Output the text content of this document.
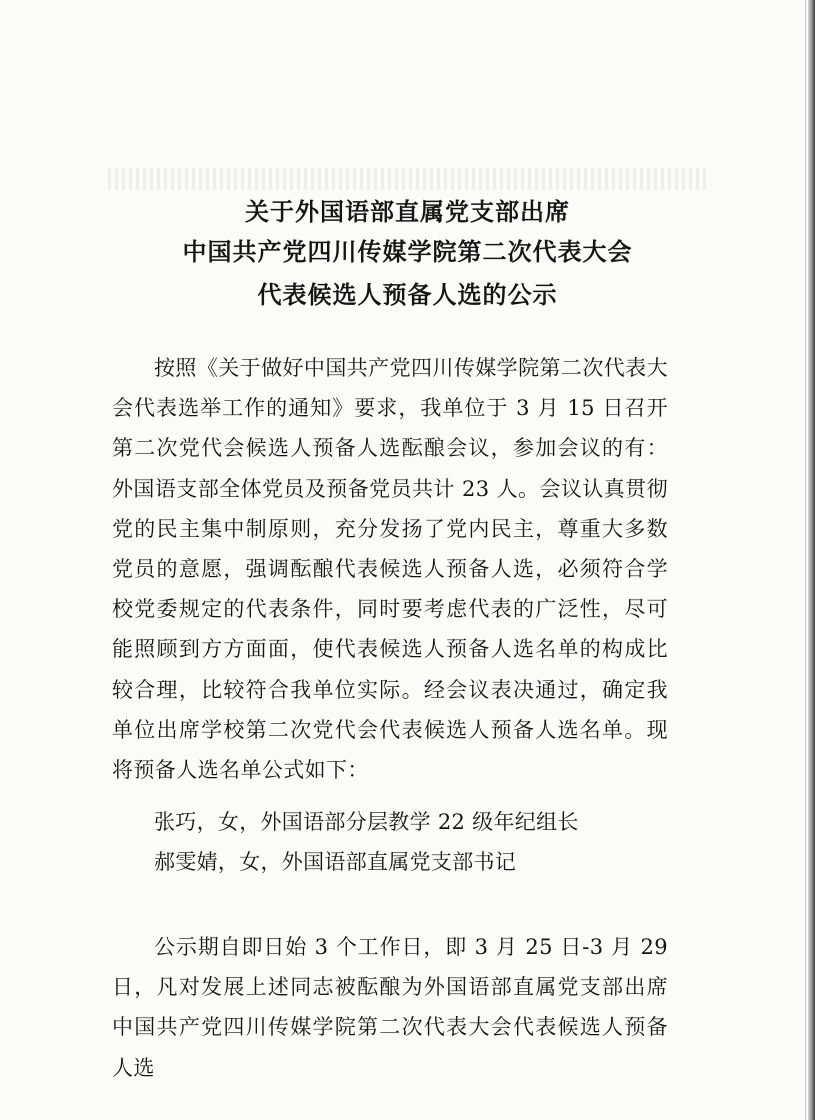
关于外国语部直属党支部出席
中国共产党四川传媒学院第二次代表大会
代表候选人预备人选的公示

按照《关于做好中国共产党四川传媒学院第二次代表大会代表选举工作的通知》要求，我单位于 3 月 15 日召开第二次党代会候选人预备人选酝酿会议，参加会议的有：外国语支部全体党员及预备党员共计 23 人。会议认真贯彻党的民主集中制原则，充分发扬了党内民主，尊重大多数党员的意愿，强调酝酿代表候选人预备人选，必须符合学校党委规定的代表条件，同时要考虑代表的广泛性，尽可能照顾到方方面面，使代表候选人预备人选名单的构成比较合理，比较符合我单位实际。经会议表决通过，确定我单位出席学校第二次党代会代表候选人预备人选名单。现将预备人选名单公式如下：

张巧，女，外国语部分层教学 22 级年纪组长
郝雯婧，女，外国语部直属党支部书记

公示期自即日始 3 个工作日，即 3 月 25 日-3 月 29 日，凡对发展上述同志被酝酿为外国语部直属党支部出席中国共产党四川传媒学院第二次代表大会代表候选人预备人选
